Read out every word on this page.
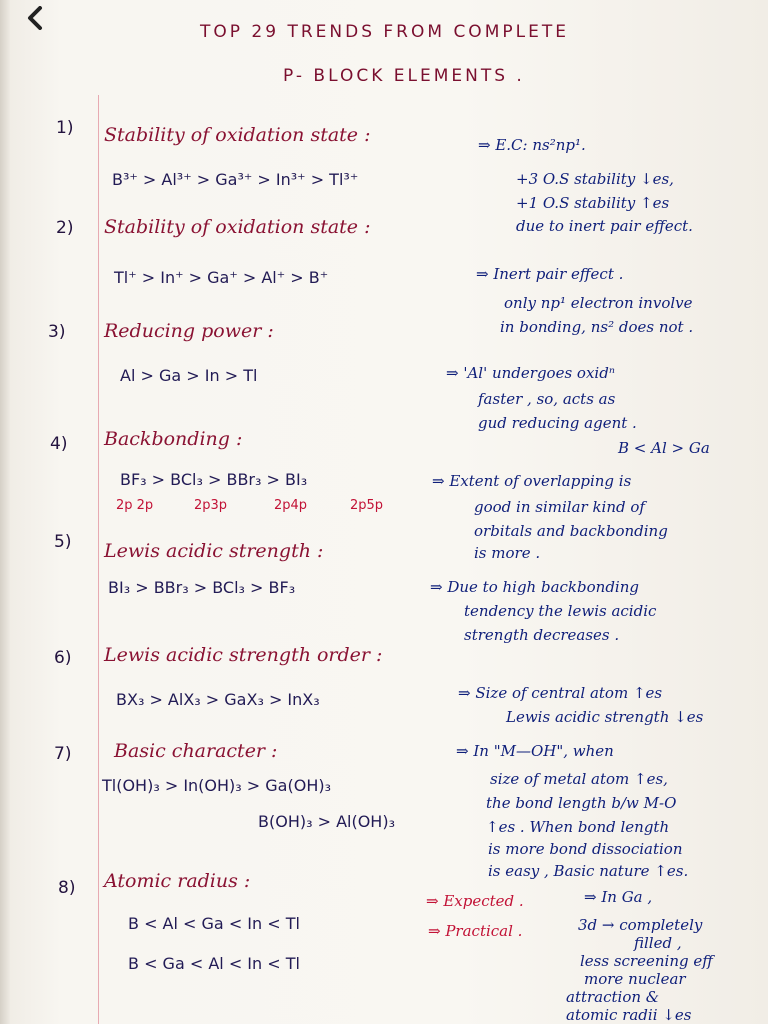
TOP 29 TRENDS FROM COMPLETE
P- BLOCK ELEMENTS .
1) Stability of oxidation state :
B³⁺ > Al³⁺ > Ga³⁺ > In³⁺ > Tl³⁺
⇒ E.C: ns²np¹.
+3 O.S stability ↓es,
+1 O.S stability ↑es
due to inert pair effect.
2) Stability of oxidation state :
Tl⁺ > In⁺ > Ga⁺ > Al⁺ > B⁺	⇒ Inert pair effect .
only np¹ electron involve
in bonding, ns² does not .
3) Reducing power :
Al > Ga > In > Tl	⇒ 'Al' undergoes oxidⁿ
faster , so, acts as
gud reducing agent .
B < Al > Ga
4) Backbonding :
BF₃ > BCl₃ > BBr₃ > BI₃
2p 2p	2p3p	2p4p	2p5p
⇒ Extent of overlapping is
good in similar kind of
orbitals and backbonding
is more .
5) Lewis acidic strength :
BI₃ > BBr₃ > BCl₃ > BF₃	⇒ Due to high backbonding
tendency the lewis acidic
strength decreases .
6) Lewis acidic strength order :
BX₃ > AlX₃ > GaX₃ > InX₃	⇒ Size of central atom ↑es
Lewis acidic strength ↓es
7) Basic character :
Tl(OH)₃ > In(OH)₃ > Ga(OH)₃
B(OH)₃ > Al(OH)₃
⇒ In "M—OH", when
size of metal atom ↑es,
the bond length b/w M-O
↑es . When bond length
is more bond dissociation
is easy , Basic nature ↑es.
8) Atomic radius :
B < Al < Ga < In < Tl
B < Ga < Al < In < Tl
⇒ Expected .
⇒ Practical .
⇒ In Ga ,
3d → completely
filled ,
less screening eff
more nuclear
attraction &
atomic radii ↓es
